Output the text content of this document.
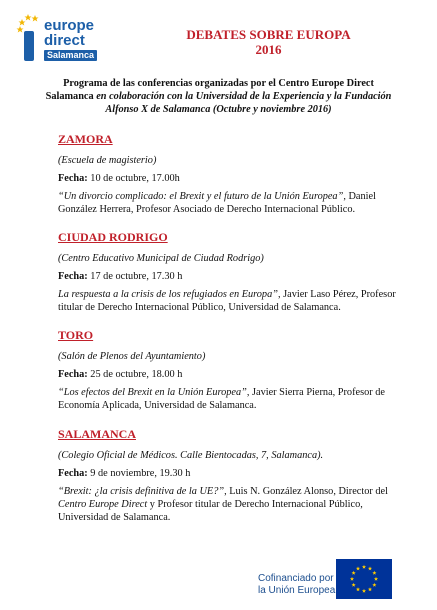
europe
direct
Salamanca
DEBATES SOBRE EUROPA
2016
Programa de las conferencias organizadas por el Centro Europe Direct Salamanca en colaboración con la Universidad de la Experiencia y la Fundación Alfonso X de Salamanca (Octubre y noviembre 2016)
ZAMORA

(Escuela de magisterio)

Fecha: 10 de octubre, 17.00h

“Un divorcio complicado: el Brexit y el futuro de la Unión Europea”, Daniel González Herrera, Profesor Asociado de Derecho Internacional Público.

CIUDAD RODRIGO

(Centro Educativo Municipal de Ciudad Rodrigo)

Fecha: 17 de octubre, 17.30 h

La respuesta a la crisis de los refugiados en Europa”, Javier Laso Pérez, Profesor titular de Derecho Internacional Público, Universidad de Salamanca.

TORO

(Salón de Plenos del Ayuntamiento)

Fecha: 25 de octubre, 18.00 h

“Los efectos del Brexit en la Unión Europea”, Javier Sierra Pierna, Profesor de Economía Aplicada, Universidad de Salamanca.

SALAMANCA

(Colegio Oficial de Médicos. Calle Bientocadas, 7, Salamanca).

Fecha: 9 de noviembre, 19.30 h

“Brexit: ¿la crisis definitiva de la UE?”, Luis N. González Alonso, Director del Centro Europe Direct y Profesor titular de Derecho Internacional Público, Universidad de Salamanca.

Cofinanciado por
la Unión Europea
